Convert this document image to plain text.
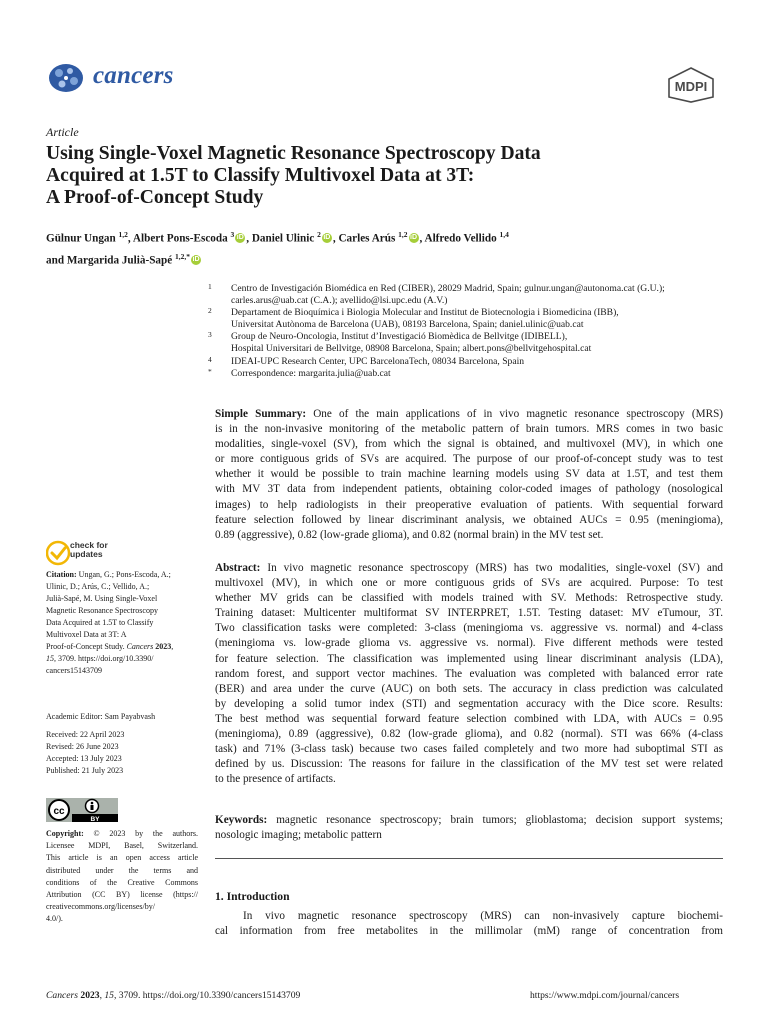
cancers	MDPI
Article
Using Single-Voxel Magnetic Resonance Spectroscopy Data
Acquired at 1.5T to Classify Multivoxel Data at 3T:
A Proof-of-Concept Study
Gülnur Ungan $^{1,2}$, Albert Pons-Escoda $^3$ iD , Daniel Ulinic $^2$ iD , Carles Arús $^{1,2}$ iD , Alfredo Vellido $^{1,4}$
and Margarida Julià-Sapé $^{1,2,*}$ iD
1 Centro de Investigación Biomédica en Red (CIBER), 28029 Madrid, Spain; gulnur.ungan@autonoma.cat (G.U.);
carles.arus@uab.cat (C.A.); avellido@lsi.upc.edu (A.V.)
2 Departament de Bioquímica i Biologia Molecular and Institut de Biotecnologia i Biomedicina (IBB),
Universitat Autònoma de Barcelona (UAB), 08193 Barcelona, Spain; daniel.ulinic@uab.cat
3 Group de Neuro-Oncologia, Institut d’Investigació Biomèdica de Bellvitge (IDIBELL),
Hospital Universitari de Bellvitge, 08908 Barcelona, Spain; albert.pons@bellvitgehospital.cat
4 IDEAI-UPC Research Center, UPC BarcelonaTech, 08034 Barcelona, Spain
* Correspondence: margarita.julia@uab.cat
Simple Summary: One of the main applications of in vivo magnetic resonance spectroscopy (MRS)
is in the non-invasive monitoring of the metabolic pattern of brain tumors. MRS comes in two basic
modalities, single-voxel (SV), from which the signal is obtained, and multivoxel (MV), in which one
or more contiguous grids of SVs are acquired. The purpose of our proof-of-concept study was to test
whether it would be possible to train machine learning models using SV data at 1.5T, and test them
with MV 3T data from independent patients, obtaining color-coded images of pathology (nosological
images) to help radiologists in their preoperative evaluation of patients. With sequential forward
feature selection followed by linear discriminant analysis, we obtained AUCs = 0.95 (meningioma),
0.89 (aggressive), 0.82 (low-grade glioma), and 0.82 (normal brain) in the MV test set.
Abstract: In vivo magnetic resonance spectroscopy (MRS) has two modalities, single-voxel (SV) and
multivoxel (MV), in which one or more contiguous grids of SVs are acquired. Purpose: To test
whether MV grids can be classified with models trained with SV. Methods: Retrospective study.
Training dataset: Multicenter multiformat SV INTERPRET, 1.5T. Testing dataset: MV eTumour, 3T.
Two classification tasks were completed: 3-class (meningioma vs. aggressive vs. normal) and 4-class
(meningioma vs. low-grade glioma vs. aggressive vs. normal). Five different methods were tested
for feature selection. The classification was implemented using linear discriminant analysis (LDA),
random forest, and support vector machines. The evaluation was completed with balanced error rate
(BER) and area under the curve (AUC) on both sets. The accuracy in class prediction was calculated
by developing a solid tumor index (STI) and segmentation accuracy with the Dice score. Results:
The best method was sequential forward feature selection combined with LDA, with AUCs = 0.95
(meningioma), 0.89 (aggressive), 0.82 (low-grade glioma), and 0.82 (normal). STI was 66% (4-class
task) and 71% (3-class task) because two cases failed completely and two more had suboptimal STI as
defined by us. Discussion: The reasons for failure in the classification of the MV test set were related
to the presence of artifacts.
Keywords: magnetic resonance spectroscopy; brain tumors; glioblastoma; decision support systems;
nosologic imaging; metabolic pattern
1. Introduction
In vivo magnetic resonance spectroscopy (MRS) can non-invasively capture biochemi-
cal information from free metabolites in the millimolar (mM) range of concentration from
check for
updates
Citation: Ungan, G.; Pons-Escoda, A.;
Ulinic, D.; Arús, C.; Vellido, A.;
Julià-Sapé, M. Using Single-Voxel
Magnetic Resonance Spectroscopy
Data Acquired at 1.5T to Classify
Multivoxel Data at 3T: A
Proof-of-Concept Study. Cancers 2023,
15, 3709. https://doi.org/10.3390/
cancers15143709
Academic Editor: Sam Payabvash
Received: 22 April 2023
Revised: 26 June 2023
Accepted: 13 July 2023
Published: 21 July 2023
cc
BY
Copyright: © 2023 by the authors.
Licensee MDPI, Basel, Switzerland.
This article is an open access article
distributed under the terms and
conditions of the Creative Commons
Attribution (CC BY) license (https://
creativecommons.org/licenses/by/
4.0/).
Cancers 2023, 15, 3709. https://doi.org/10.3390/cancers15143709	https://www.mdpi.com/journal/cancers
